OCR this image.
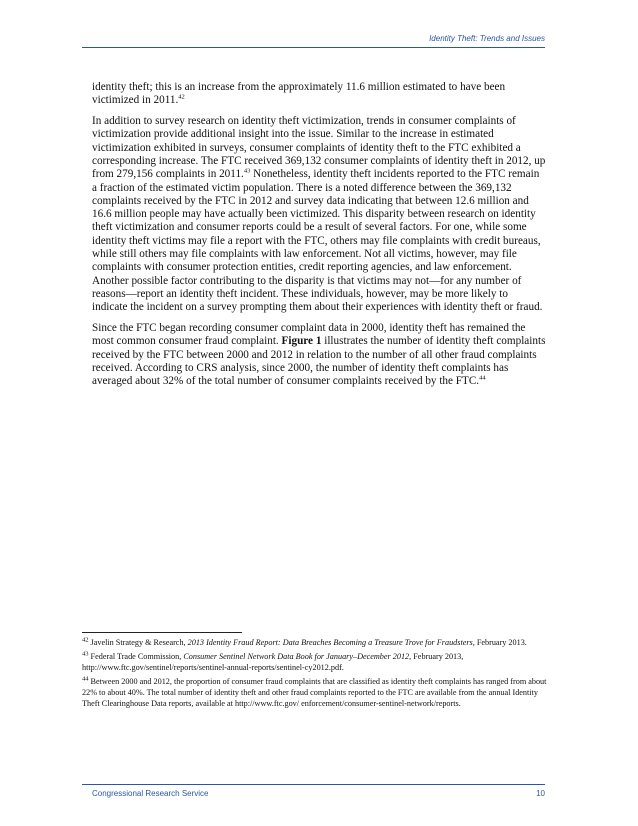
Identity Theft: Trends and Issues

identity theft; this is an increase from the approximately 11.6 million estimated to have been victimized in 2011.42

In addition to survey research on identity theft victimization, trends in consumer complaints of victimization provide additional insight into the issue. Similar to the increase in estimated victimization exhibited in surveys, consumer complaints of identity theft to the FTC exhibited a corresponding increase. The FTC received 369,132 consumer complaints of identity theft in 2012, up from 279,156 complaints in 2011.43 Nonetheless, identity theft incidents reported to the FTC remain a fraction of the estimated victim population. There is a noted difference between the 369,132 complaints received by the FTC in 2012 and survey data indicating that between 12.6 million and 16.6 million people may have actually been victimized. This disparity between research on identity theft victimization and consumer reports could be a result of several factors. For one, while some identity theft victims may file a report with the FTC, others may file complaints with credit bureaus, while still others may file complaints with law enforcement. Not all victims, however, may file complaints with consumer protection entities, credit reporting agencies, and law enforcement. Another possible factor contributing to the disparity is that victims may not—for any number of reasons—report an identity theft incident. These individuals, however, may be more likely to indicate the incident on a survey prompting them about their experiences with identity theft or fraud.

Since the FTC began recording consumer complaint data in 2000, identity theft has remained the most common consumer fraud complaint. Figure 1 illustrates the number of identity theft complaints received by the FTC between 2000 and 2012 in relation to the number of all other fraud complaints received. According to CRS analysis, since 2000, the number of identity theft complaints has averaged about 32% of the total number of consumer complaints received by the FTC.$^{44}$

$^{42}$ Javelin Strategy & Research, 2013 Identity Fraud Report: Data Breaches Becoming a Treasure Trove for Fraudsters, February 2013.

$^{43}$ Federal Trade Commission, Consumer Sentinel Network Data Book for January–December 2012, February 2013, http://www.ftc.gov/sentinel/reports/sentinel-annual-reports/sentinel-cy2012.pdf.

$^{44}$ Between 2000 and 2012, the proportion of consumer fraud complaints that are classified as identity theft complaints has ranged from about 22% to about 40%. The total number of identity theft and other fraud complaints reported to the FTC are available from the annual Identity Theft Clearinghouse Data reports, available at http://www.ftc.gov/ enforcement/consumer-sentinel-network/reports.

Congressional Research Service	10
